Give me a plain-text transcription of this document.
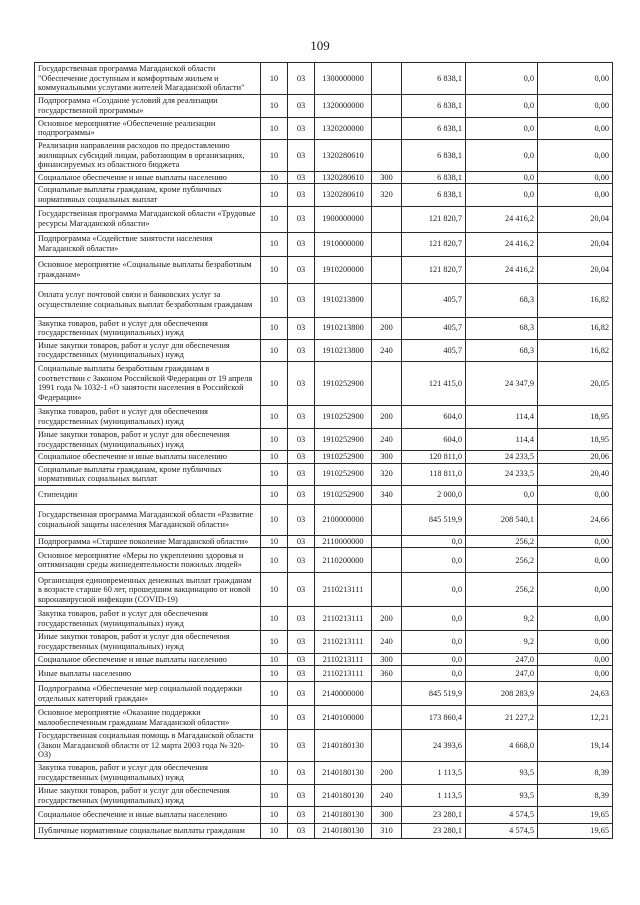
109
Государственная программа Магаданской области "Обеспечение доступным и комфортным жильем и коммунальными услугами жителей Магаданской области"	10	03	1300000000		6 838,1	0,0	0,00
Подпрограмма «Создание условий для реализации государственной программы»	10	03	1320000000		6 838,1	0,0	0,00
Основное мероприятие «Обеспечение реализации подпрограммы»	10	03	1320200000		6 838,1	0,0	0,00
Реализация направления расходов по предоставлению жилищных субсидий лицам, работающим в организациях, финансируемых из областного бюджета	10	03	1320280610		6 838,1	0,0	0,00
Социальное обеспечение и иные выплаты населению	10	03	1320280610	300	6 838,1	0,0	0,00
Социальные выплаты гражданам, кроме публичных нормативных социальных выплат	10	03	1320280610	320	6 838,1	0,0	0,00
Государственная программа Магаданской области «Трудовые ресурсы Магаданской области»	10	03	1900000000		121 820,7	24 416,2	20,04
Подпрограмма «Содействие занятости населения Магаданской области»	10	03	1910000000		121 820,7	24 416,2	20,04
Основное мероприятие «Социальные выплаты безработным гражданам»	10	03	1910200000		121 820,7	24 416,2	20,04
Оплата услуг почтовой связи и банковских услуг за осуществление социальных выплат безработным гражданам	10	03	1910213800		405,7	68,3	16,82
Закупка товаров, работ и услуг для обеспечения государственных (муниципальных) нужд	10	03	1910213800	200	405,7	68,3	16,82
Иные закупки товаров, работ и услуг для обеспечения государственных (муниципальных) нужд	10	03	1910213800	240	405,7	68,3	16,82
Социальные выплаты безработным гражданам в соответствии с Законом Российской Федерации от 19 апреля 1991 года № 1032-1 «О занятости населения в Российской Федерации»	10	03	1910252900		121 415,0	24 347,9	20,05
Закупка товаров, работ и услуг для обеспечения государственных (муниципальных) нужд	10	03	1910252900	200	604,0	114,4	18,95
Иные закупки товаров, работ и услуг для обеспечения государственных (муниципальных) нужд	10	03	1910252900	240	604,0	114,4	18,95
Социальное обеспечение и иные выплаты населению	10	03	1910252900	300	120 811,0	24 233,5	20,06
Социальные выплаты гражданам, кроме публичных нормативных социальных выплат	10	03	1910252900	320	118 811,0	24 233,5	20,40
Стипендии	10	03	1910252900	340	2 000,0	0,0	0,00
Государственная программа Магаданской области «Развитие социальной защиты населения Магаданской области»	10	03	2100000000		845 519,9	208 540,1	24,66
Подпрограмма «Старшее поколение Магаданской области»	10	03	2110000000		0,0	256,2	0,00
Основное мероприятие «Меры по укреплению здоровья и оптимизации среды жизнедеятельности пожилых людей»	10	03	2110200000		0,0	256,2	0,00
Организация единовременных денежных выплат гражданам в возрасте старше 60 лет, прошедшим вакцинацию от новой коронавирусной инфекции (COVID-19)	10	03	2110213111		0,0	256,2	0,00
Закупка товаров, работ и услуг для обеспечения государственных (муниципальных) нужд	10	03	2110213111	200	0,0	9,2	0,00
Иные закупки товаров, работ и услуг для обеспечения государственных (муниципальных) нужд	10	03	2110213111	240	0,0	9,2	0,00
Социальное обеспечение и иные выплаты населению	10	03	2110213111	300	0,0	247,0	0,00
Иные выплаты населению	10	03	2110213111	360	0,0	247,0	0,00
Подпрограмма «Обеспечение мер социальной поддержки отдельных категорий граждан»	10	03	2140000000		845 519,9	208 283,9	24,63
Основное мероприятие «Оказание поддержки малообеспеченным гражданам Магаданской области»	10	03	2140100000		173 860,4	21 227,2	12,21
Государственная социальная помощь в Магаданской области (Закон Магаданской области от 12 марта 2003 года № 320-ОЗ)	10	03	2140180130		24 393,6	4 668,0	19,14
Закупка товаров, работ и услуг для обеспечения государственных (муниципальных) нужд	10	03	2140180130	200	1 113,5	93,5	8,39
Иные закупки товаров, работ и услуг для обеспечения государственных (муниципальных) нужд	10	03	2140180130	240	1 113,5	93,5	8,39
Социальное обеспечение и иные выплаты населению	10	03	2140180130	300	23 280,1	4 574,5	19,65
Публичные нормативные социальные выплаты гражданам	10	03	2140180130	310	23 280,1	4 574,5	19,65
